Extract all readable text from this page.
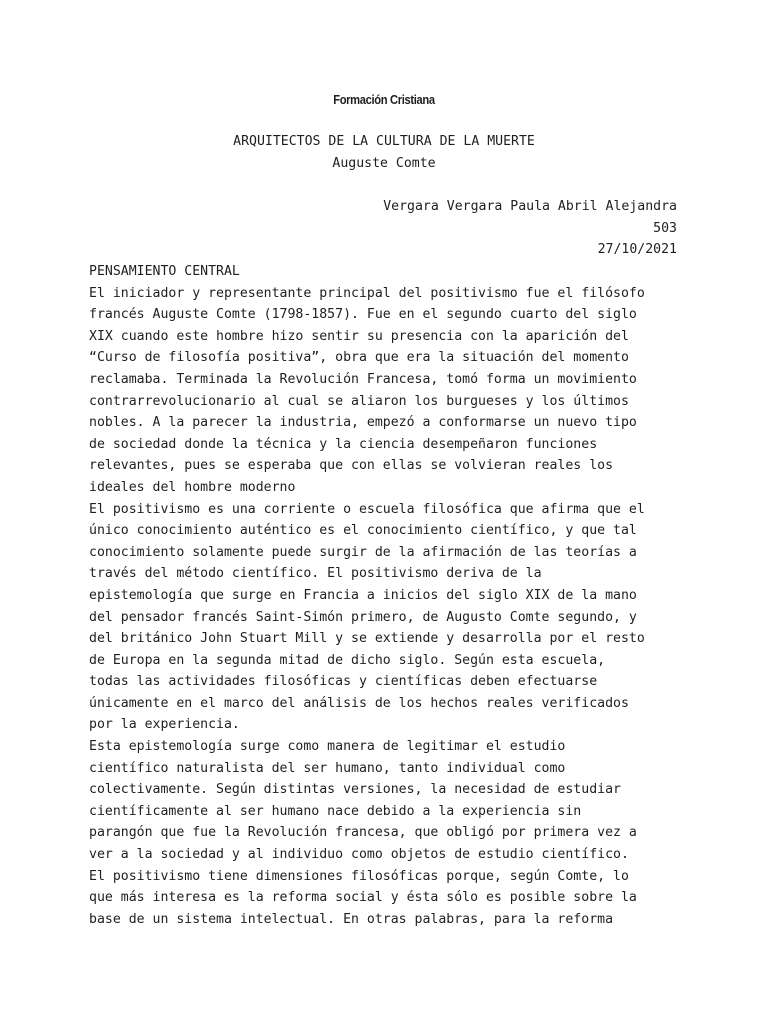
Formación Cristiana
ARQUITECTOS DE LA CULTURA DE LA MUERTE
Auguste Comte
Vergara Vergara Paula Abril Alejandra
503
27/10/2021
PENSAMIENTO CENTRAL
El iniciador y representante principal del positivismo fue el filósofo
francés Auguste Comte (1798-1857). Fue en el segundo cuarto del siglo
XIX cuando este hombre hizo sentir su presencia con la aparición del
“Curso de filosofía positiva”, obra que era la situación del momento
reclamaba. Terminada la Revolución Francesa, tomó forma un movimiento
contrarrevolucionario al cual se aliaron los burgueses y los últimos
nobles. A la parecer la industria, empezó a conformarse un nuevo tipo
de sociedad donde la técnica y la ciencia desempeñaron funciones
relevantes, pues se esperaba que con ellas se volvieran reales los
ideales del hombre moderno
El positivismo es una corriente o escuela filosófica que afirma que el
único conocimiento auténtico es el conocimiento científico, y que tal
conocimiento solamente puede surgir de la afirmación de las teorías a
través del método científico. El positivismo deriva de la
epistemología que surge en Francia a inicios del siglo XIX de la mano
del pensador francés Saint-Simón primero, de Augusto Comte segundo, y
del británico John Stuart Mill y se extiende y desarrolla por el resto
de Europa en la segunda mitad de dicho siglo. Según esta escuela,
todas las actividades filosóficas y científicas deben efectuarse
únicamente en el marco del análisis de los hechos reales verificados
por la experiencia.
Esta epistemología surge como manera de legitimar el estudio
científico naturalista del ser humano, tanto individual como
colectivamente. Según distintas versiones, la necesidad de estudiar
científicamente al ser humano nace debido a la experiencia sin
parangón que fue la Revolución francesa, que obligó por primera vez a
ver a la sociedad y al individuo como objetos de estudio científico.
El positivismo tiene dimensiones filosóficas porque, según Comte, lo
que más interesa es la reforma social y ésta sólo es posible sobre la
base de un sistema intelectual. En otras palabras, para la reforma
